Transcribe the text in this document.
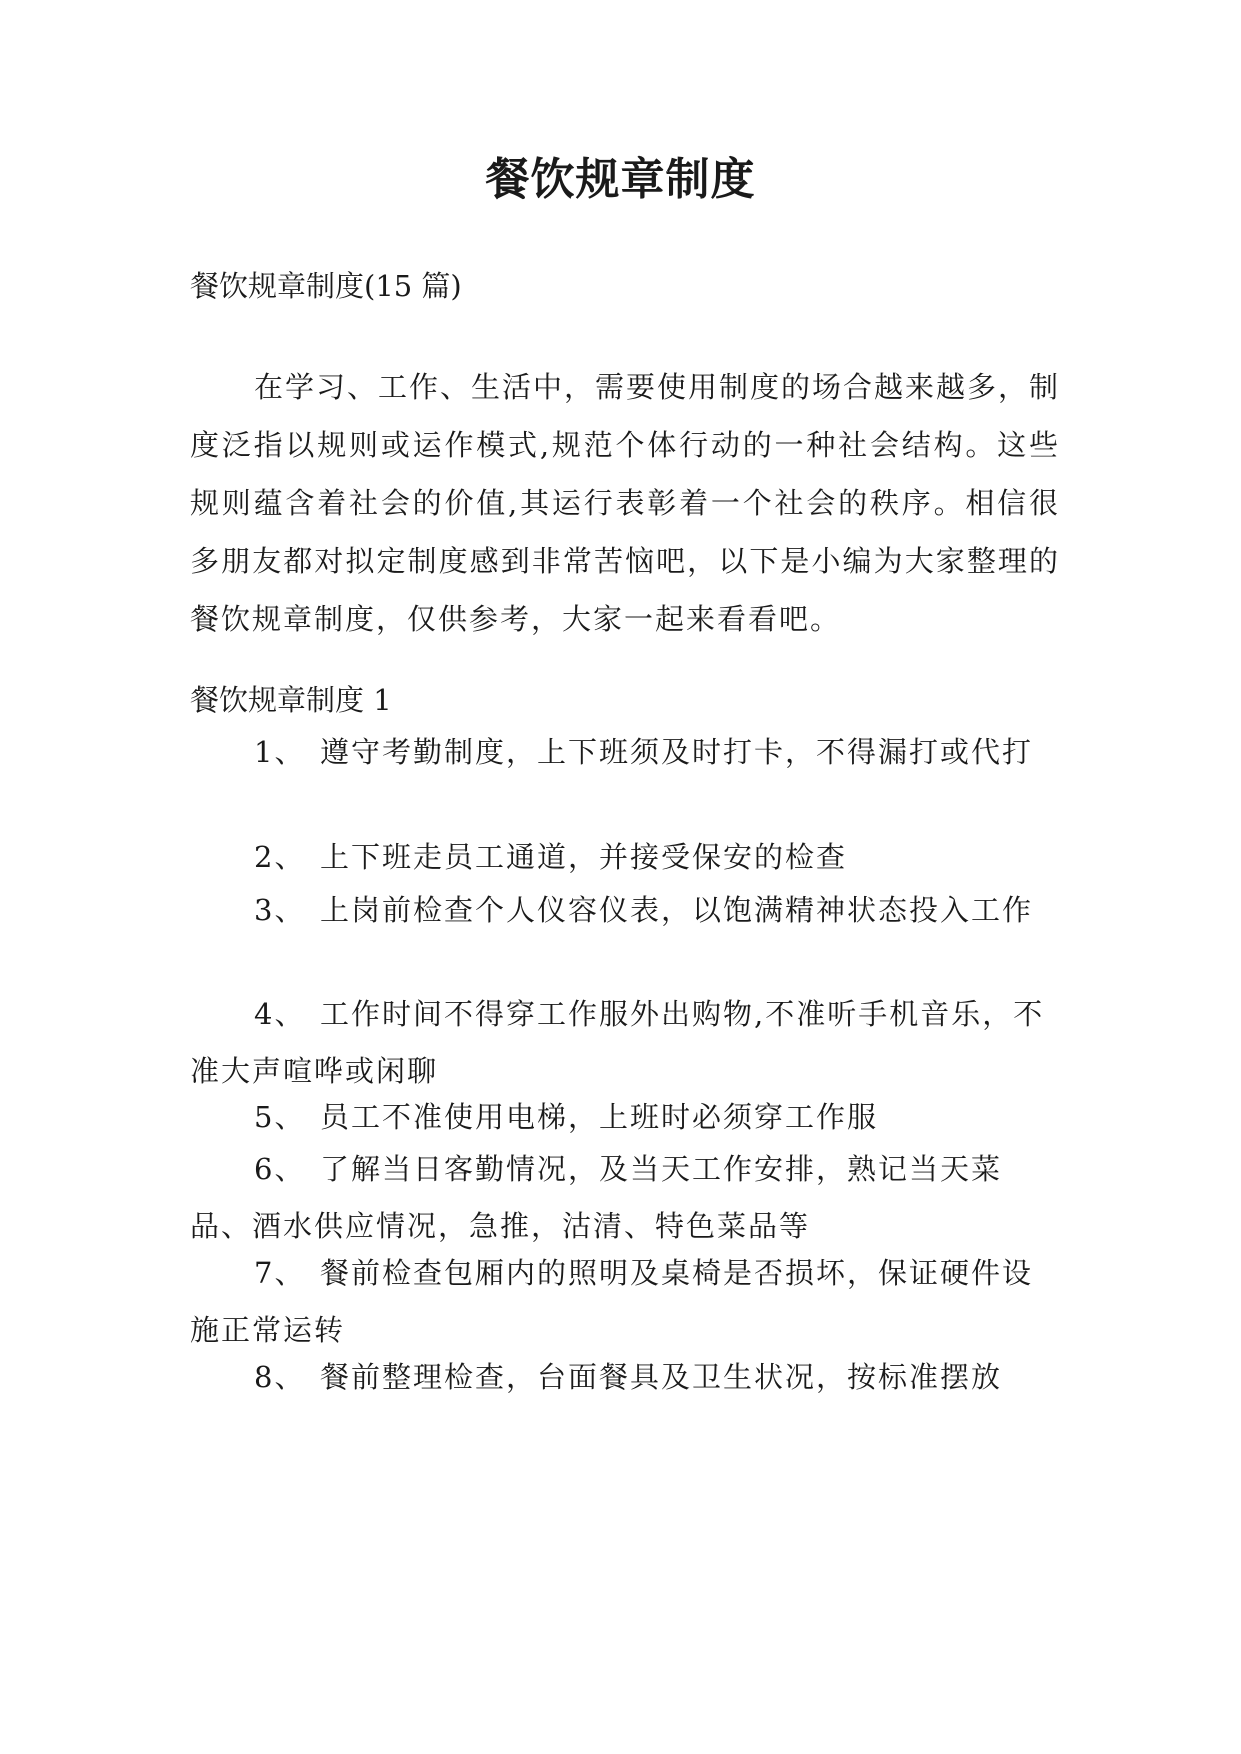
餐饮规章制度
餐饮规章制度(15 篇)
在学习、工作、生活中，需要使用制度的场合越来越多，制度泛指以规则或运作模式,规范个体行动的一种社会结构。这些规则蕴含着社会的价值,其运行表彰着一个社会的秩序。相信很多朋友都对拟定制度感到非常苦恼吧，以下是小编为大家整理的餐饮规章制度，仅供参考，大家一起来看看吧。
餐饮规章制度 1
1、 遵守考勤制度，上下班须及时打卡，不得漏打或代打
2、 上下班走员工通道，并接受保安的检查
3、 上岗前检查个人仪容仪表，以饱满精神状态投入工作
4、 工作时间不得穿工作服外出购物,不准听手机音乐，不准大声喧哗或闲聊
5、 员工不准使用电梯，上班时必须穿工作服
6、 了解当日客勤情况，及当天工作安排，熟记当天菜品、酒水供应情况，急推，沽清、特色菜品等
7、 餐前检查包厢内的照明及桌椅是否损坏，保证硬件设施正常运转
8、 餐前整理检查，台面餐具及卫生状况，按标准摆放
